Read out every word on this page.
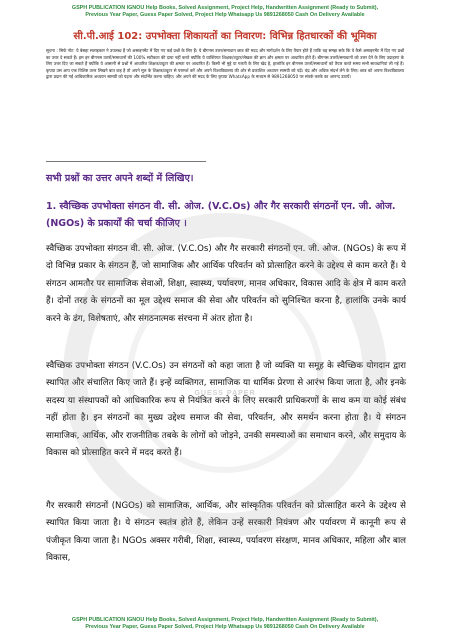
GSPH PUBLICATION IGNOU Help Books, Solved Assignment, Project Help, Handwritten Assignment (Ready to Submit),
Previous Year Paper, Guess Paper Solved, Project Help Whatsapp Us 9891268050 Cash On Delivery Available
सी.पी.आई 102: उपभोक्ता शिकायतों का निवारण: विभिन्न हितधारकों की भूमिका
सूचना : सिर्फ नोट: ये बेसहा सलाहकार ने उपलब्ध हैं जो असाइनमेंट में दिए गए कई प्रश्नों के लिए हैं। ये बीगनस उत्तर/समाधान छात्र की मदद और मार्गदर्शन के लिए तैयार होते हैं ताकि वह समझ सके कि वे कैसे असाइनमेंट में दिए गए प्रश्नों का उत्तर दे सकते हैं। हम इन बीगनस उत्तरों/समाधानों की 100% सटीकता की दावा नहीं करते क्योंकि ये व्यक्तिगत शिक्षक/ट्यूटर/लेखक की ज्ञान और क्षमता पर आधारित होते हैं। बीगनस उत्तरों/समाधानों को उत्तर देने के लिए उदाहरण के लिए उत्तर दिए जा सकते हैं क्योंकि ये आसानी से प्रश्नों में आधारित शिक्षक/ट्यूटर की क्षमता पर आधारित हैं। किसी भी मुद्दे या गलती के लिए खेद है, हालांकि इन बीगनस उत्तरों/समाधानों को तैयार करते समय सभी सावधानियां ली गई हैं। कृपया उस आप एक विशिष्ट उत्तर लिखने बात कह है तो अपने मूल के शिक्षक/ट्यूटर से परामर्श करें और अपने विश्वविद्यालय की ओर से प्रकाशित अध्ययन सामग्री को पढ़ें। चंद्र और अधिक संदर्भ लेने के लिए। छात्र को अपना विश्वविद्यालय द्वारा प्रदान की गई आधिकारिक अध्ययन सामग्री को पढ़ना और संदर्भित करना चाहिए। और अपने की मदद के लिए कृपया WhatsApp के माध्यम से 9891268050 पर संपर्क करके का आनन्द उठायें।
सभी प्रश्नों का उत्तर अपने शब्दों में लिखिए।
1. स्वैच्छिक उपभोक्ता संगठन वी. सी. ओज. (V.C.Os) और गैर सरकारी संगठनों एन. जी. ओज. (NGOs) के प्रकार्यों की चर्चा कीजिए ।
स्वैच्छिक उपभोक्ता संगठन वी. सी. ओज. (V.C.Os) और गैर सरकारी संगठनों एन. जी. ओज. (NGOs) के रूप में दो विभिन्न प्रकार के संगठन हैं, जो सामाजिक और आर्थिक परिवर्तन को प्रोत्साहित करने के उद्देश्य से काम करते हैं। ये संगठन आमतौर पर सामाजिक सेवाओं, शिक्षा, स्वास्थ्य, पर्यावरण, मानव अधिकार, विकास आदि के क्षेत्र में काम करते हैं। दोनों तरह के संगठनों का मूल उद्देश्य समाज की सेवा और परिवर्तन को सुनिश्चित करना है, हालांकि उनके कार्य करने के ढंग, विशेषताएं, और संगठनात्मक संरचना में अंतर होता है।
स्वैच्छिक उपभोक्ता संगठन (V.C.Os) उन संगठनों को कहा जाता है जो व्यक्ति या समूह के स्वैच्छिक योगदान द्वारा स्थापित और संचालित किए जाते हैं। इन्हें व्यक्तिगत, सामाजिक या धार्मिक प्रेरणा से आरंभ किया जाता है, और इनके सदस्य या संस्थापकों को आधिकारिक रूप से नियंत्रित करने के लिए सरकारी प्राधिकरणों के साथ कम या कोई संबंध नहीं होता है। इन संगठनों का मुख्य उद्देश्य समाज की सेवा, परिवर्तन, और समर्थन करना होता है। ये संगठन सामाजिक, आर्थिक, और राजनीतिक तबके के लोगों को जोड़ने, उनकी समस्याओं का समाधान करने, और समुदाय के विकास को प्रोत्साहित करने में मदद करते हैं।
गैर सरकारी संगठनों (NGOs) को सामाजिक, आर्थिक, और सांस्कृतिक परिवर्तन को प्रोत्साहित करने के उद्देश्य से स्थापित किया जाता है। ये संगठन स्वतंत्र होते हैं, लेकिन उन्हें सरकारी नियंत्रण और पर्यावरण में कानूनी रूप से पंजीकृत किया जाता है। NGOs अक्सर गरीबी, शिक्षा, स्वास्थ्य, पर्यावरण संरक्षण, मानव अधिकार, महिला और बाल विकास,
GUESS PAPER
GSPH PUBLICATION IGNOU Help Books, Solved Assignment, Project Help, Handwritten Assignment (Ready to Submit),
Previous Year Paper, Guess Paper Solved, Project Help Whatsapp Us 9891268050 Cash On Delivery Available
